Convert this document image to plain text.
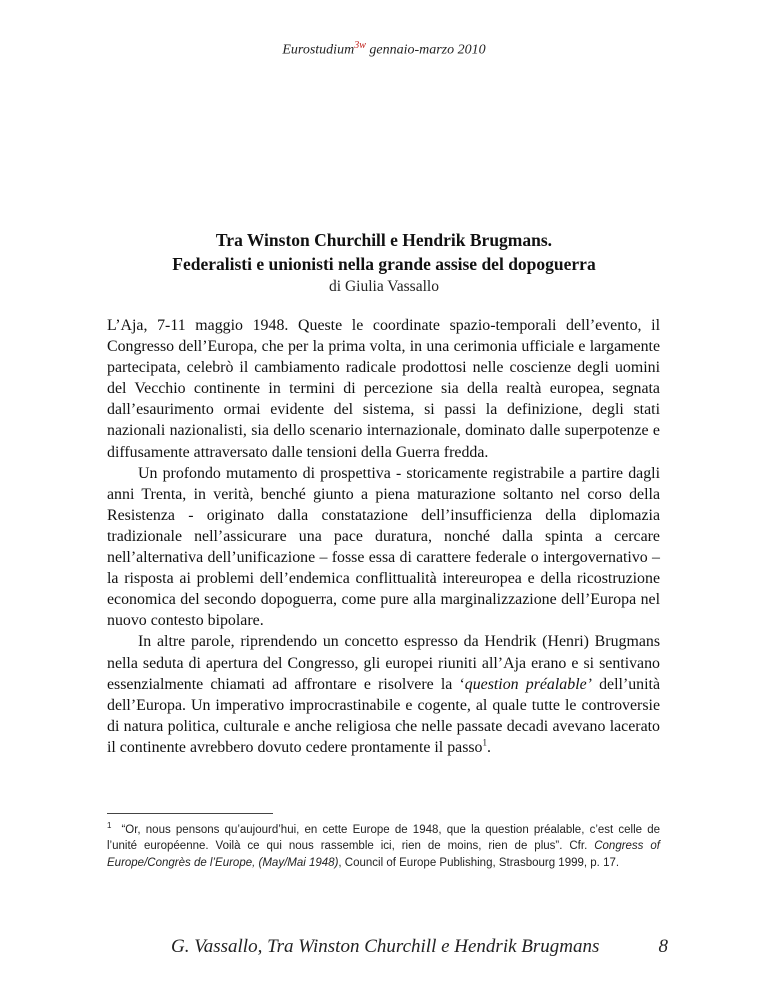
Eurostudium$^{3w}$ gennaio-marzo 2010

Tra Winston Churchill e Hendrik Brugmans.

Federalisti e unionisti nella grande assise del dopoguerra

di Giulia Vassallo

L’Aja, 7-11 maggio 1948. Queste le coordinate spazio-temporali dell’evento, il Congresso dell’Europa, che per la prima volta, in una cerimonia ufficiale e largamente partecipata, celebrò il cambiamento radicale prodottosi nelle coscienze degli uomini del Vecchio continente in termini di percezione sia della realtà europea, segnata dall’esaurimento ormai evidente del sistema, si passi la definizione, degli stati nazionali nazionalisti, sia dello scenario internazionale, dominato dalle superpotenze e diffusamente attraversato dalle tensioni della Guerra fredda.

Un profondo mutamento di prospettiva - storicamente registrabile a partire dagli anni Trenta, in verità, benché giunto a piena maturazione soltanto nel corso della Resistenza - originato dalla constatazione dell’insufficienza della diplomazia tradizionale nell’assicurare una pace duratura, nonché dalla spinta a cercare nell’alternativa dell’unificazione – fosse essa di carattere federale o intergovernativo – la risposta ai problemi dell’endemica conflittualità intereuropea e della ricostruzione economica del secondo dopoguerra, come pure alla marginalizzazione dell’Europa nel nuovo contesto bipolare.

In altre parole, riprendendo un concetto espresso da Hendrik (Henri) Brugmans nella seduta di apertura del Congresso, gli europei riuniti all’Aja erano e si sentivano essenzialmente chiamati ad affrontare e risolvere la ‘question préalable’ dell’unità dell’Europa. Un imperativo improcrastinabile e cogente, al quale tutte le controversie di natura politica, culturale e anche religiosa che nelle passate decadi avevano lacerato il continente avrebbero dovuto cedere prontamente il passo$^1$.

$^1$ “Or, nous pensons qu’aujourd’hui, en cette Europe de 1948, que la question préalable, c’est celle de l’unité européenne. Voilà ce qui nous rassemble ici, rien de moins, rien de plus”. Cfr. Congress of Europe/Congrès de l’Europe, (May/Mai 1948), Council of Europe Publishing, Strasbourg 1999, p. 17.
G. Vassallo, Tra Winston Churchill e Hendrik Brugmans	8
